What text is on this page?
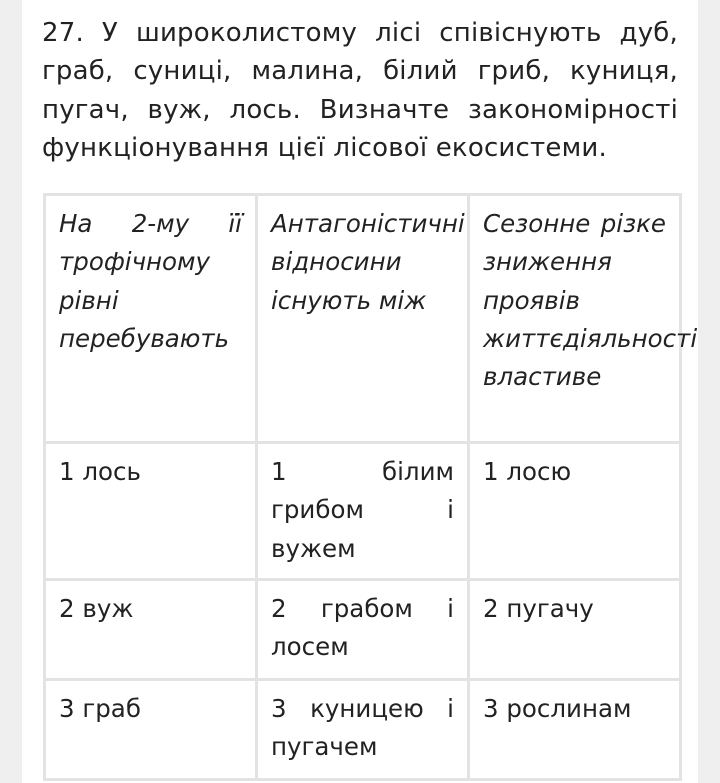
27. У широколистому лісі співіснують дуб, граб, суниці, малина, білий гриб, куниця, пугач, вуж, лось. Визначте закономірності функціонування цієї лісової екосистеми.

На 2-му її трофічному рівні перебувають	Антагоністичні відносини існують між	Сезонне різке зниження проявів життєдіяльності властиве
1 лось	1 білим грибом і вужем	1 лосю
2 вуж	2 грабом і лосем	2 пугачу
3 граб	3 куницею і пугачем	3 рослинам
